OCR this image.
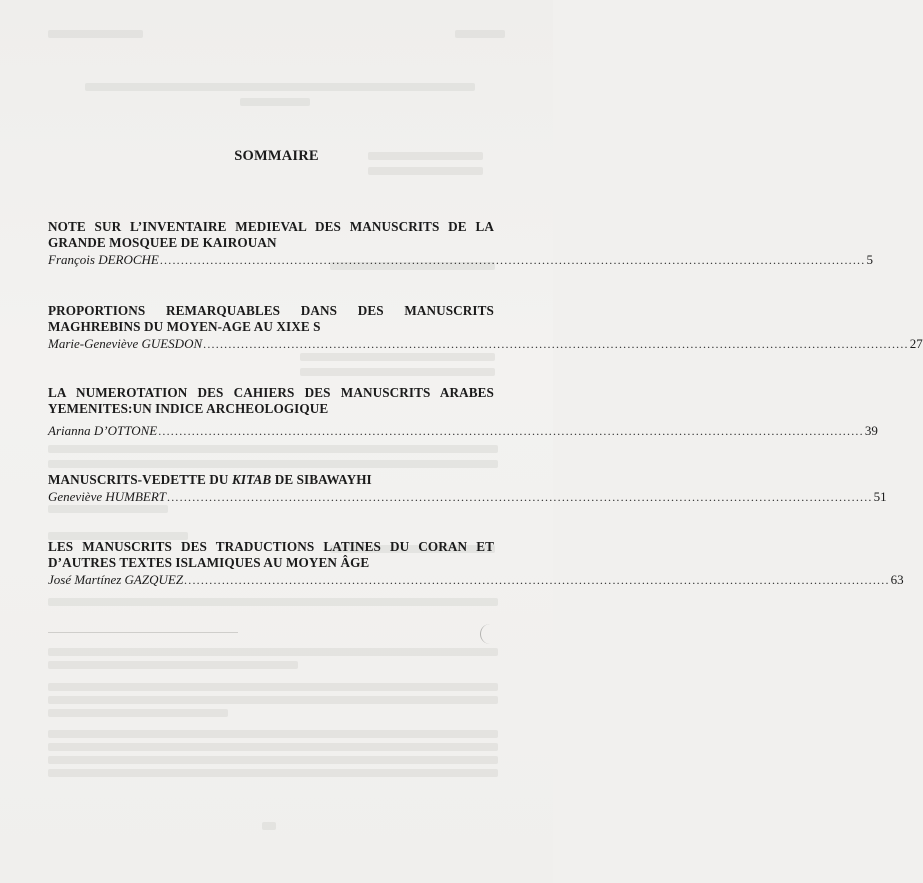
SOMMAIRE
NOTE SUR L’INVENTAIRE MEDIEVAL DES MANUSCRITS DE LA GRANDE MOSQUEE DE KAIROUAN
François DEROCHE ........................................................................................................................................................................ 5
PROPORTIONS REMARQUABLES DANS DES MANUSCRITS MAGHREBINS DU MOYEN-AGE AU XIXE S
Marie-Geneviève GUESDON ........................................................................................................................................................................ 27
LA NUMEROTATION DES CAHIERS DES MANUSCRITS ARABES YEMENITES:UN INDICE ARCHEOLOGIQUE
Arianna D’OTTONE ........................................................................................................................................................................ 39
MANUSCRITS-VEDETTE DU KITAB DE SIBAWAYHI
Geneviève HUMBERT ........................................................................................................................................................................ 51
LES MANUSCRITS DES TRADUCTIONS LATINES DU CORAN ET D’AUTRES TEXTES ISLAMIQUES AU MOYEN ÂGE
José Martínez GAZQUEZ ........................................................................................................................................................................ 63
